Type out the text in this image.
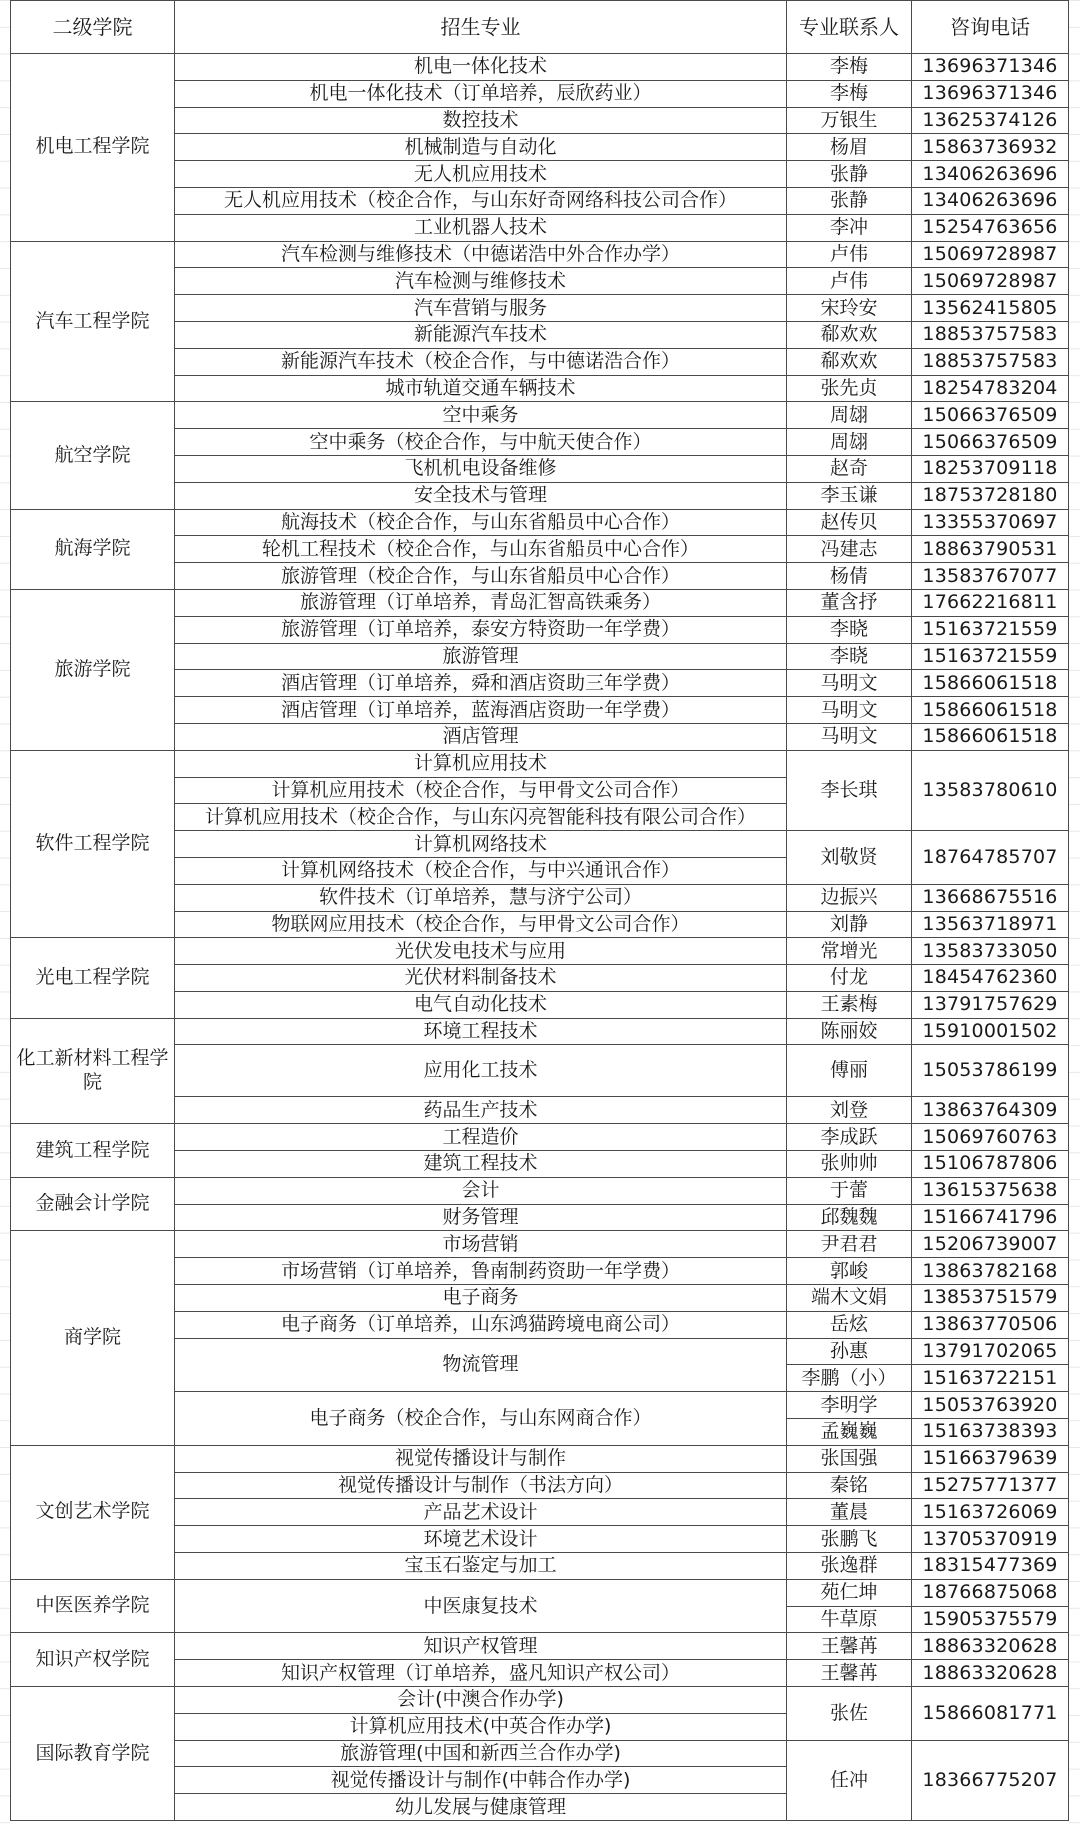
二级学院	招生专业	专业联系人	咨询电话
机电工程学院	机电一体化技术	李梅	13696371346
	机电一体化技术（订单培养，辰欣药业）	李梅	13696371346
	数控技术	万银生	13625374126
	机械制造与自动化	杨眉	15863736932
	无人机应用技术	张静	13406263696
	无人机应用技术（校企合作，与山东好奇网络科技公司合作）	张静	13406263696
	工业机器人技术	李冲	15254763656
汽车工程学院	汽车检测与维修技术（中德诺浩中外合作办学）	卢伟	15069728987
	汽车检测与维修技术	卢伟	15069728987
	汽车营销与服务	宋玲安	13562415805
	新能源汽车技术	郗欢欢	18853757583
	新能源汽车技术（校企合作，与中德诺浩合作）	郗欢欢	18853757583
	城市轨道交通车辆技术	张先贞	18254783204
航空学院	空中乘务	周翃	15066376509
	空中乘务（校企合作，与中航天使合作）	周翃	15066376509
	飞机机电设备维修	赵奇	18253709118
	安全技术与管理	李玉谦	18753728180
航海学院	航海技术（校企合作，与山东省船员中心合作）	赵传贝	13355370697
	轮机工程技术（校企合作，与山东省船员中心合作）	冯建志	18863790531
	旅游管理（校企合作，与山东省船员中心合作）	杨倩	13583767077
旅游学院	旅游管理（订单培养，青岛汇智高铁乘务）	董含抒	17662216811
	旅游管理（订单培养，泰安方特资助一年学费）	李晓	15163721559
	旅游管理	李晓	15163721559
	酒店管理（订单培养，舜和酒店资助三年学费）	马明文	15866061518
	酒店管理（订单培养，蓝海酒店资助一年学费）	马明文	15866061518
	酒店管理	马明文	15866061518
软件工程学院	计算机应用技术	李长琪	13583780610
	计算机应用技术（校企合作，与甲骨文公司合作）		
	计算机应用技术（校企合作，与山东闪亮智能科技有限公司合作）		
	计算机网络技术	刘敬贤	18764785707
	计算机网络技术（校企合作，与中兴通讯合作）		
	软件技术（订单培养，慧与济宁公司）	边振兴	13668675516
	物联网应用技术（校企合作，与甲骨文公司合作）	刘静	13563718971
光电工程学院	光伏发电技术与应用	常增光	13583733050
	光伏材料制备技术	付龙	18454762360
	电气自动化技术	王素梅	13791757629
化工新材料工程学院	环境工程技术	陈丽姣	15910001502
	应用化工技术	傅丽	15053786199
	药品生产技术	刘登	13863764309
建筑工程学院	工程造价	李成跃	15069760763
	建筑工程技术	张帅帅	15106787806
金融会计学院	会计	于蕾	13615375638
	财务管理	邱魏魏	15166741796
商学院	市场营销	尹君君	15206739007
	市场营销（订单培养，鲁南制药资助一年学费）	郭峻	13863782168
	电子商务	端木文娟	13853751579
	电子商务（订单培养，山东鸿猫跨境电商公司）	岳炫	13863770506
	物流管理	孙惠	13791702065
		李鹏（小）	15163722151
	电子商务（校企合作，与山东网商合作）	李明学	15053763920
		孟巍巍	15163738393
文创艺术学院	视觉传播设计与制作	张国强	15166379639
	视觉传播设计与制作（书法方向）	秦铭	15275771377
	产品艺术设计	董晨	15163726069
	环境艺术设计	张鹏飞	13705370919
	宝玉石鉴定与加工	张逸群	18315477369
中医医养学院	中医康复技术	苑仁坤	18766875068
		牛草原	15905375579
知识产权学院	知识产权管理	王馨苒	18863320628
	知识产权管理（订单培养，盛凡知识产权公司）	王馨苒	18863320628
国际教育学院	会计(中澳合作办学)	张佐	15866081771
	计算机应用技术(中英合作办学)		
	旅游管理(中国和新西兰合作办学)	任冲	18366775207
	视觉传播设计与制作(中韩合作办学)		
	幼儿发展与健康管理		
